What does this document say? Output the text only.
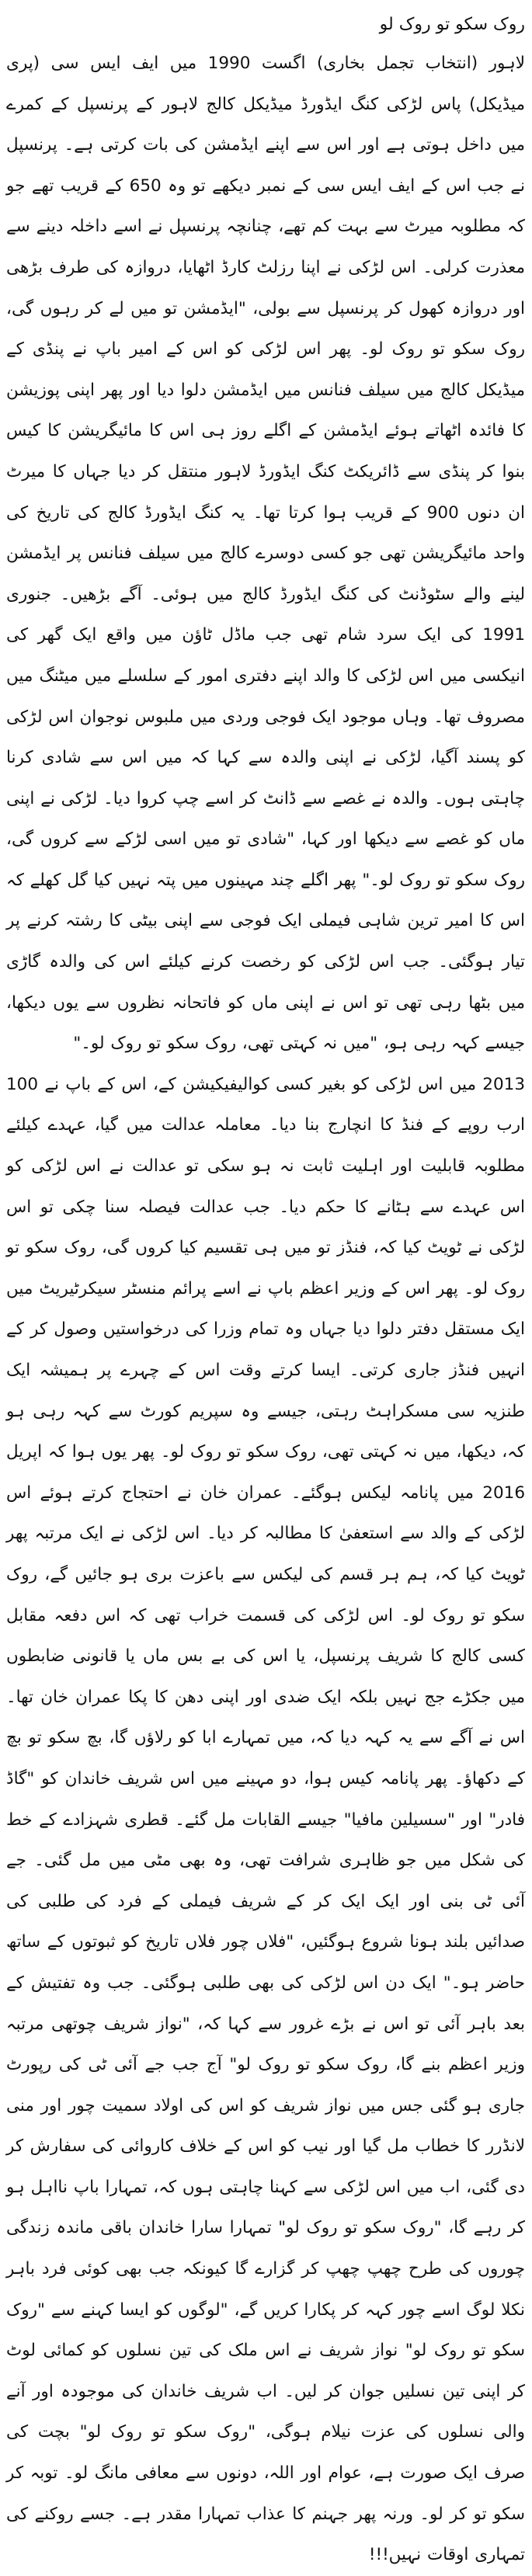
روک سکو تو روک لو

لاہور (انتخاب تجمل بخاری) اگست 1990 میں ایف ایس سی (پری میڈیکل) پاس لڑکی کنگ ایڈورڈ میڈیکل کالج لاہور کے پرنسپل کے کمرے میں داخل ہوتی ہے اور اس سے اپنے ایڈمشن کی بات کرتی ہے۔ پرنسپل نے جب اس کے ایف ایس سی کے نمبر دیکھے تو وہ 650 کے قریب تھے جو کہ مطلوبہ میرٹ سے بہت کم تھے، چنانچہ پرنسپل نے اسے داخلہ دینے سے معذرت کرلی۔ اس لڑکی نے اپنا رزلٹ کارڈ اٹھایا، دروازہ کی طرف بڑھی اور دروازہ کھول کر پرنسپل سے بولی، "ایڈمشن تو میں لے کر رہوں گی، روک سکو تو روک لو۔ پھر اس لڑکی کو اس کے امیر باپ نے پنڈی کے میڈیکل کالج میں سیلف فنانس میں ایڈمشن دلوا دیا اور پھر اپنی پوزیشن کا فائدہ اٹھاتے ہوئے ایڈمشن کے اگلے روز ہی اس کا مائیگریشن کا کیس بنوا کر پنڈی سے ڈائریکٹ کنگ ایڈورڈ لاہور منتقل کر دیا جہاں کا میرٹ ان دنوں 900 کے قریب ہوا کرتا تھا۔ یہ کنگ ایڈورڈ کالج کی تاریخ کی واحد مائیگریشن تھی جو کسی دوسرے کالج میں سیلف فنانس پر ایڈمشن لینے والے سٹوڈنٹ کی کنگ ایڈورڈ کالج میں ہوئی۔ آگے بڑھیں۔ جنوری 1991 کی ایک سرد شام تھی جب ماڈل ٹاؤن میں واقع ایک گھر کی انیکسی میں اس لڑکی کا والد اپنے دفتری امور کے سلسلے میں میٹنگ میں مصروف تھا۔ وہاں موجود ایک فوجی وردی میں ملبوس نوجوان اس لڑکی کو پسند آگیا، لڑکی نے اپنی والدہ سے کہا کہ میں اس سے شادی کرنا چاہتی ہوں۔ والدہ نے غصے سے ڈانٹ کر اسے چپ کروا دیا۔ لڑکی نے اپنی ماں کو غصے سے دیکھا اور کہا، "شادی تو میں اسی لڑکے سے کروں گی، روک سکو تو روک لو۔" پھر اگلے چند مہینوں میں پتہ نہیں کیا گل کھلے کہ اس کا امیر ترین شاہی فیملی ایک فوجی سے اپنی بیٹی کا رشتہ کرنے پر تیار ہوگئی۔ جب اس لڑکی کو رخصت کرنے کیلئے اس کی والدہ گاڑی میں بٹھا رہی تھی تو اس نے اپنی ماں کو فاتحانہ نظروں سے یوں دیکھا، جیسے کہہ رہی ہو، "میں نہ کہتی تھی، روک سکو تو روک لو۔"

2013 میں اس لڑکی کو بغیر کسی کوالیفیکیشن کے، اس کے باپ نے 100 ارب روپے کے فنڈ کا انچارج بنا دیا۔ معاملہ عدالت میں گیا، عہدے کیلئے مطلوبہ قابلیت اور اہلیت ثابت نہ ہو سکی تو عدالت نے اس لڑکی کو اس عہدے سے ہٹانے کا حکم دیا۔ جب عدالت فیصلہ سنا چکی تو اس لڑکی نے ٹویٹ کیا کہ، فنڈز تو میں ہی تقسیم کیا کروں گی، روک سکو تو روک لو۔ پھر اس کے وزیر اعظم باپ نے اسے پرائم منسٹر سیکرٹیریٹ میں ایک مستقل دفتر دلوا دیا جہاں وہ تمام وزرا کی درخواستیں وصول کر کے انہیں فنڈز جاری کرتی۔ ایسا کرتے وقت اس کے چہرے پر ہمیشہ ایک طنزیہ سی مسکراہٹ رہتی، جیسے وہ سپریم کورٹ سے کہہ رہی ہو کہ، دیکھا، میں نہ کہتی تھی، روک سکو تو روک لو۔ پھر یوں ہوا کہ اپریل 2016 میں پانامہ لیکس ہوگئے۔ عمران خان نے احتجاج کرتے ہوئے اس لڑکی کے والد سے استعفیٰ کا مطالبہ کر دیا۔ اس لڑکی نے ایک مرتبہ پھر ٹویٹ کیا کہ، ہم ہر قسم کی لیکس سے باعزت بری ہو جائیں گے، روک سکو تو روک لو۔ اس لڑکی کی قسمت خراب تھی کہ اس دفعہ مقابل کسی کالج کا شریف پرنسپل، یا اس کی بے بس ماں یا قانونی ضابطوں میں جکڑے جج نہیں بلکہ ایک ضدی اور اپنی دھن کا پکا عمران خان تھا۔ اس نے آگے سے یہ کہہ دیا کہ، میں تمہارے ابا کو رلاؤں گا، بچ سکو تو بچ کے دکھاؤ۔ پھر پانامہ کیس ہوا، دو مہینے میں اس شریف خاندان کو "گاڈ فادر" اور "سسیلین مافیا" جیسے القابات مل گئے۔ قطری شہزادے کے خط کی شکل میں جو ظاہری شرافت تھی، وہ بھی مٹی میں مل گئی۔ جے آئی ٹی بنی اور ایک ایک کر کے شریف فیملی کے فرد کی طلبی کی صدائیں بلند ہونا شروع ہوگئیں، "فلاں چور فلاں تاریخ کو ثبوتوں کے ساتھ حاضر ہو۔" ایک دن اس لڑکی کی بھی طلبی ہوگئی۔ جب وہ تفتیش کے بعد باہر آئی تو اس نے بڑے غرور سے کہا کہ، "نواز شریف چوتھی مرتبہ وزیر اعظم بنے گا، روک سکو تو روک لو" آج جب جے آئی ٹی کی رپورٹ جاری ہو گئی جس میں نواز شریف کو اس کی اولاد سمیت چور اور منی لانڈرر کا خطاب مل گیا اور نیب کو اس کے خلاف کاروائی کی سفارش کر دی گئی، اب میں اس لڑکی سے کہنا چاہتی ہوں کہ، تمہارا باپ نااہل ہو کر رہے گا، "روک سکو تو روک لو" تمہارا سارا خاندان باقی ماندہ زندگی چوروں کی طرح چھپ چھپ کر گزارے گا کیونکہ جب بھی کوئی فرد باہر نکلا لوگ اسے چور کہہ کر پکارا کریں گے، "لوگوں کو ایسا کہنے سے "روک سکو تو روک لو" نواز شریف نے اس ملک کی تین نسلوں کو کمائی لوٹ کر اپنی تین نسلیں جوان کر لیں۔ اب شریف خاندان کی موجودہ اور آنے والی نسلوں کی عزت نیلام ہوگی، "روک سکو تو روک لو" بچت کی صرف ایک صورت ہے، عوام اور اللہ، دونوں سے معافی مانگ لو۔ توبہ کر سکو تو کر لو۔ ورنہ پھر جہنم کا عذاب تمہارا مقدر ہے۔ جسے روکنے کی تمہاری اوقات نہیں!!!
